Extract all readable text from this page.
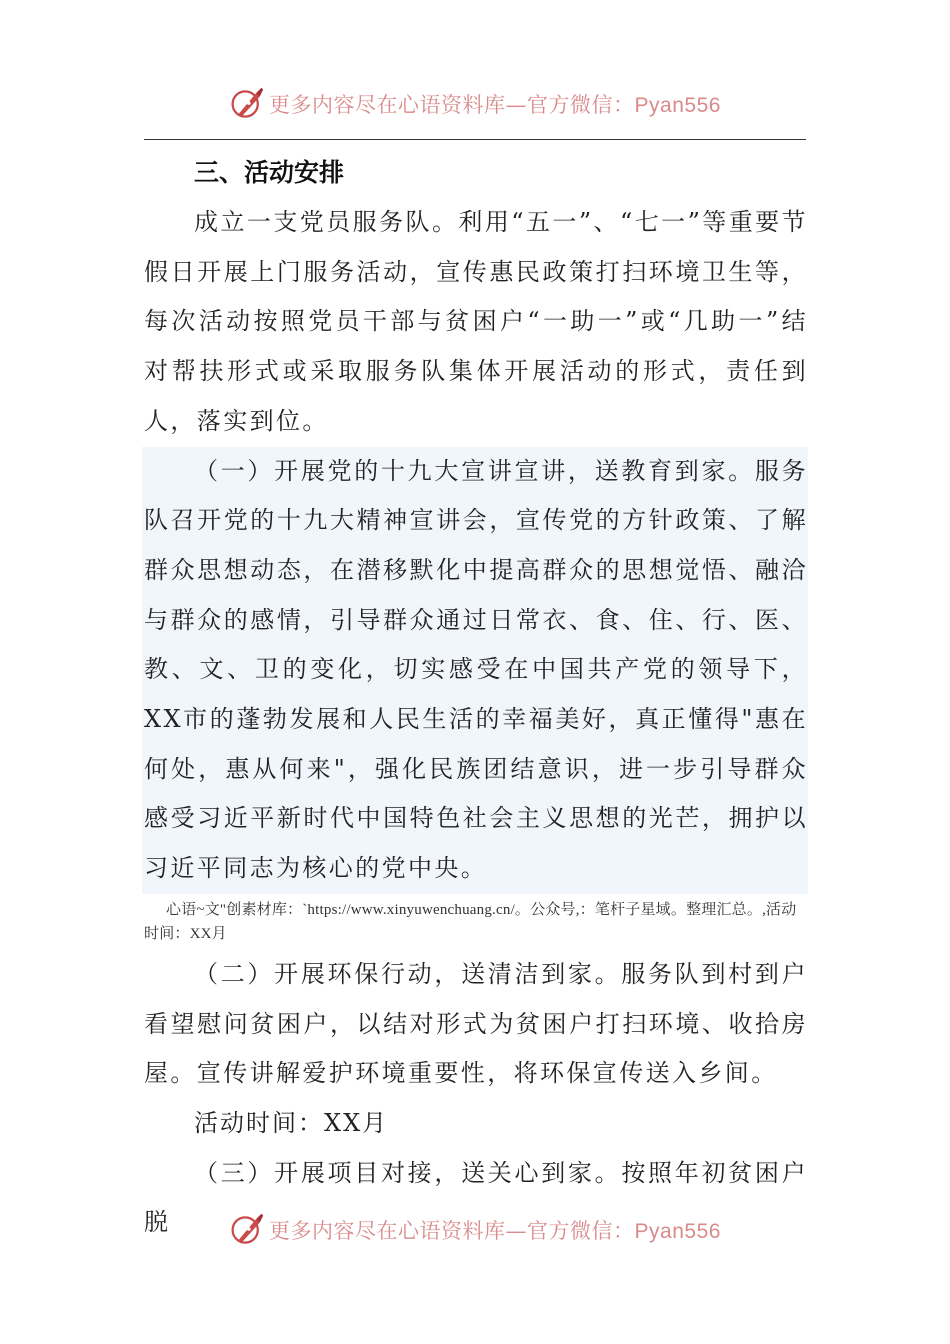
更多内容尽在心语资料库—官方微信：Pyan556
三、活动安排

成立一支党员服务队。利用“五一”、“七一”等重要节假日开展上门服务活动，宣传惠民政策打扫环境卫生等，每次活动按照党员干部与贫困户“一助一”或“几助一”结对帮扶形式或采取服务队集体开展活动的形式，责任到人，落实到位。

（一）开展党的十九大宣讲宣讲，送教育到家。服务队召开党的十九大精神宣讲会，宣传党的方针政策、了解群众思想动态，在潜移默化中提高群众的思想觉悟、融洽与群众的感情，引导群众通过日常衣、食、住、行、医、教、文、卫的变化，切实感受在中国共产党的领导下，XX市的蓬勃发展和人民生活的幸福美好，真正懂得"惠在何处，惠从何来"，强化民族团结意识，进一步引导群众感受习近平新时代中国特色社会主义思想的光芒，拥护以习近平同志为核心的党中央。

心语~文"创素材库：`https://www.xinyuwenchuang.cn/。公众号,：笔杆子星域。整理汇总。,活动时间：XX月

（二）开展环保行动，送清洁到家。服务队到村到户看望慰问贫困户，以结对形式为贫困户打扫环境、收拾房屋。宣传讲解爱护环境重要性，将环保宣传送入乡间。

活动时间：XX月

（三）开展项目对接，送关心到家。按照年初贫困户脱	更多内容尽在心语资料库—官方微信：Pyan556
